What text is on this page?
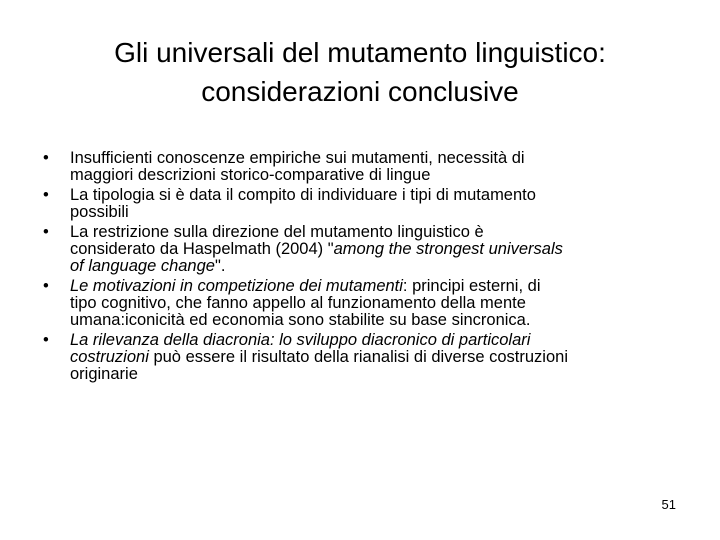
Gli universali del mutamento linguistico:
considerazioni conclusive
• Insufficienti conoscenze empiriche sui mutamenti, necessità di
maggiori descrizioni storico-comparative di lingue
• La tipologia si è data il compito di individuare i tipi di mutamento
possibili
• La restrizione sulla direzione del mutamento linguistico è
considerato da Haspelmath (2004) "among the strongest universals
of language change".
• Le motivazioni in competizione dei mutamenti: principi esterni, di
tipo cognitivo, che fanno appello al funzionamento della mente
umana:iconicità ed economia sono stabilite su base sincronica.
• La rilevanza della diacronia: lo sviluppo diacronico di particolari
costruzioni può essere il risultato della rianalisi di diverse costruzioni
originarie
51
